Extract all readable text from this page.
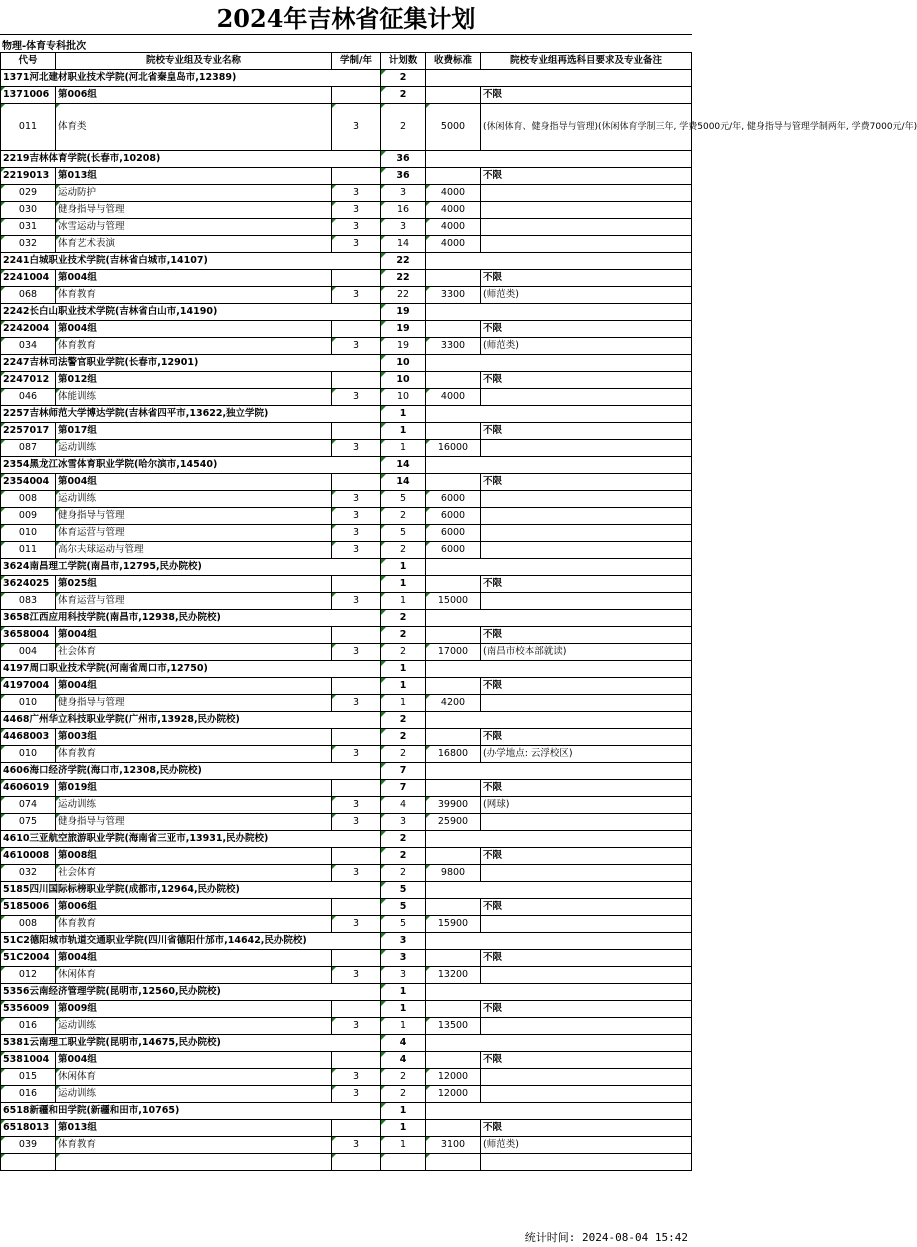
2024年吉林省征集计划
物理-体育专科批次
代号	院校专业组及专业名称	学制/年	计划数	收费标准	院校专业组再选科目要求及专业备注
1371河北建材职业技术学院(河北省秦皇岛市,12389)			2		
1371006	第006组		2		不限
011	体育类	3	2	5000	(休闲体育、健身指导与管理)(休闲体育学制三年, 学费5000元/年, 健身指导与管理学制两年, 学费7000元/年)
2219吉林体育学院(长春市,10208)			36		
2219013	第013组		36		不限
029	运动防护	3	3	4000	
030	健身指导与管理	3	16	4000	
031	冰雪运动与管理	3	3	4000	
032	体育艺术表演	3	14	4000	
2241白城职业技术学院(吉林省白城市,14107)			22		
2241004	第004组		22		不限
068	体育教育	3	22	3300	(师范类)
2242长白山职业技术学院(吉林省白山市,14190)			19		
2242004	第004组		19		不限
034	体育教育	3	19	3300	(师范类)
2247吉林司法警官职业学院(长春市,12901)			10		
2247012	第012组		10		不限
046	体能训练	3	10	4000	
2257吉林师范大学博达学院(吉林省四平市,13622,独立学院)			1		
2257017	第017组		1		不限
087	运动训练	3	1	16000	
2354黑龙江冰雪体育职业学院(哈尔滨市,14540)			14		
2354004	第004组		14		不限
008	运动训练	3	5	6000	
009	健身指导与管理	3	2	6000	
010	体育运营与管理	3	5	6000	
011	高尔夫球运动与管理	3	2	6000	
3624南昌理工学院(南昌市,12795,民办院校)			1		
3624025	第025组		1		不限
083	体育运营与管理	3	1	15000	
3658江西应用科技学院(南昌市,12938,民办院校)			2		
3658004	第004组		2		不限
004	社会体育	3	2	17000	(南昌市校本部就读)
4197周口职业技术学院(河南省周口市,12750)			1		
4197004	第004组		1		不限
010	健身指导与管理	3	1	4200	
4468广州华立科技职业学院(广州市,13928,民办院校)			2		
4468003	第003组		2		不限
010	体育教育	3	2	16800	(办学地点: 云浮校区)
4606海口经济学院(海口市,12308,民办院校)			7		
4606019	第019组		7		不限
074	运动训练	3	4	39900	(网球)
075	健身指导与管理	3	3	25900	
4610三亚航空旅游职业学院(海南省三亚市,13931,民办院校)			2		
4610008	第008组		2		不限
032	社会体育	3	2	9800	
5185四川国际标榜职业学院(成都市,12964,民办院校)			5		
5185006	第006组		5		不限
008	体育教育	3	5	15900	
51C2德阳城市轨道交通职业学院(四川省德阳什邡市,14642,民办院校)			3		
51C2004	第004组		3		不限
012	休闲体育	3	3	13200	
5356云南经济管理学院(昆明市,12560,民办院校)			1		
5356009	第009组		1		不限
016	运动训练	3	1	13500	
5381云南理工职业学院(昆明市,14675,民办院校)			4		
5381004	第004组		4		不限
015	休闲体育	3	2	12000	
016	运动训练	3	2	12000	
6518新疆和田学院(新疆和田市,10765)			1		
6518013	第013组		1		不限
039	体育教育	3	1	3100	(师范类)

统计时间: 2024-08-04 15:42
